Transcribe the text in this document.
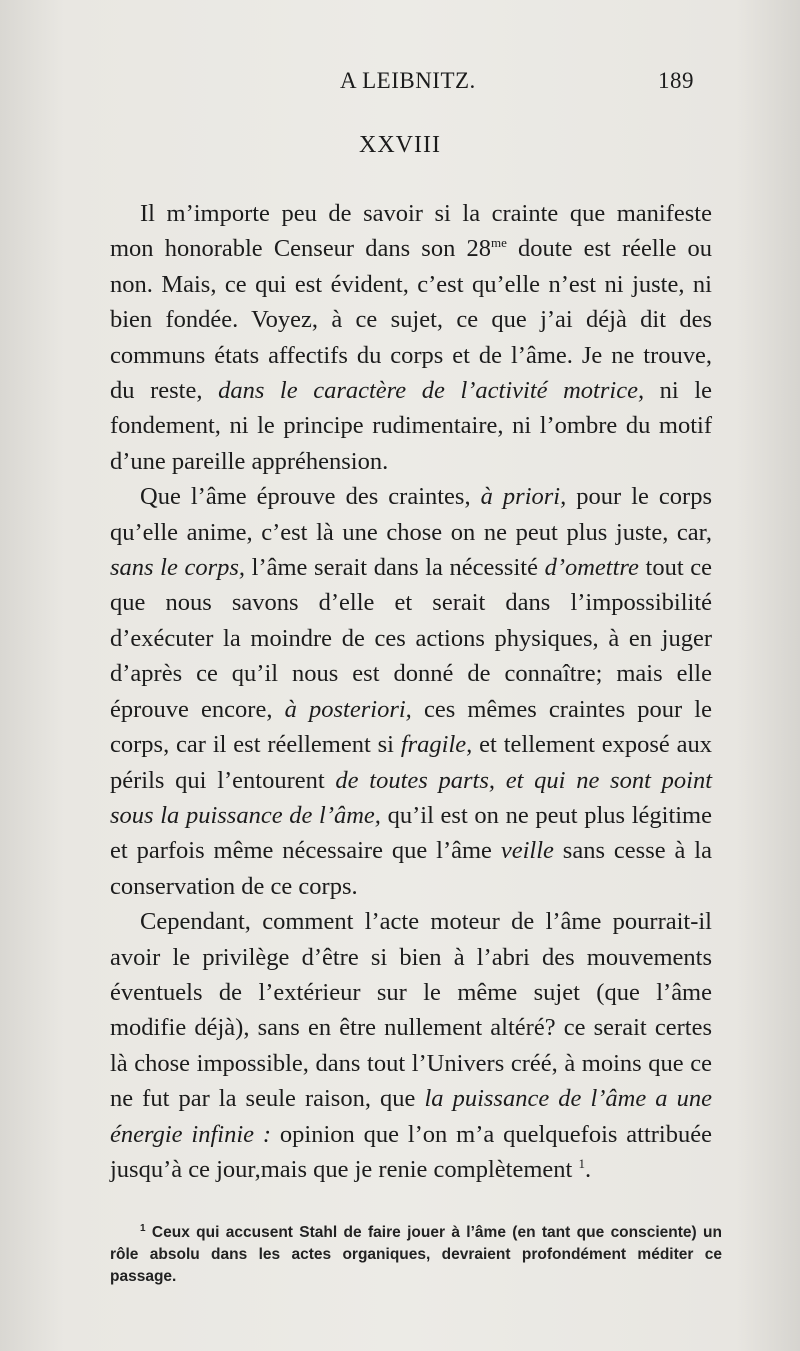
A LEIBNITZ.	189
XXVIII

Il m’importe peu de savoir si la crainte que manifeste mon honorable Censeur dans son $28^{me}$ doute est réelle ou non. Mais, ce qui est évident, c’est qu’elle n’est ni juste, ni bien fondée. Voyez, à ce sujet, ce que j’ai déjà dit des communs états affectifs du corps et de l’âme. Je ne trouve, du reste, dans le caractère de l’activité motrice, ni le fondement, ni le principe rudimentaire, ni l’ombre du motif d’une pareille appréhension.

Que l’âme éprouve des craintes, à priori, pour le corps qu’elle anime, c’est là une chose on ne peut plus juste, car, sans le corps, l’âme serait dans la nécessité d’omettre tout ce que nous savons d’elle et serait dans l’impossibilité d’exécuter la moindre de ces actions physiques, à en juger d’après ce qu’il nous est donné de connaître; mais elle éprouve encore, à posteriori, ces mêmes craintes pour le corps, car il est réellement si fragile, et tellement exposé aux périls qui l’entourent de toutes parts, et qui ne sont point sous la puissance de l’âme, qu’il est on ne peut plus légitime et parfois même nécessaire que l’âme veille sans cesse à la conservation de ce corps.

Cependant, comment l’acte moteur de l’âme pourrait-il avoir le privilège d’être si bien à l’abri des mouvements éventuels de l’extérieur sur le même sujet (que l’âme modifie déjà), sans en être nullement altéré? ce serait certes là chose impossible, dans tout l’Univers créé, à moins que ce ne fut par la seule raison, que la puissance de l’âme a une énergie infinie : opinion que l’on m’a quelquefois attribuée jusqu’à ce jour,mais que je renie complètement $^1$.

$^1$ Ceux qui accusent Stahl de faire jouer à l’âme (en tant que consciente) un rôle absolu dans les actes organiques, devraient profondément méditer ce passage.
